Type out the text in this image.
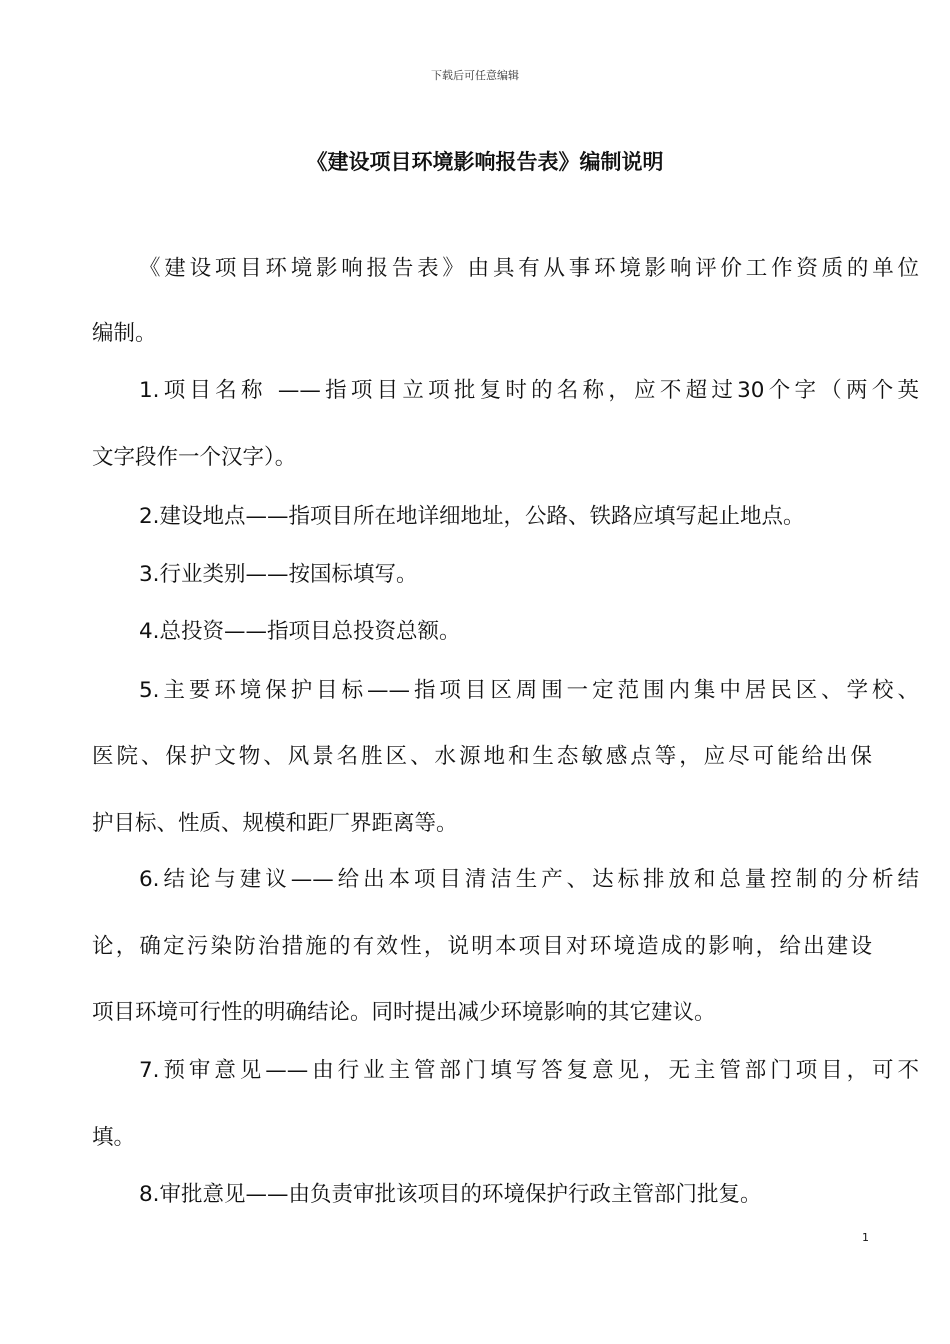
下载后可任意编辑
《建设项目环境影响报告表》编制说明
《建设项目环境影响报告表》由具有从事环境影响评价工作资质的单位
编制。
1.项目名称 ——指项目立项批复时的名称，应不超过30个字（两个英
文字段作一个汉字）。
2.建设地点——指项目所在地详细地址，公路、铁路应填写起止地点。
3.行业类别——按国标填写。
4.总投资——指项目总投资总额。
5.主要环境保护目标——指项目区周围一定范围内集中居民区、学校、
医院、保护文物、风景名胜区、水源地和生态敏感点等，应尽可能给出保
护目标、性质、规模和距厂界距离等。
6.结论与建议——给出本项目清洁生产、达标排放和总量控制的分析结
论，确定污染防治措施的有效性，说明本项目对环境造成的影响，给出建设
项目环境可行性的明确结论。同时提出减少环境影响的其它建议。
7.预审意见——由行业主管部门填写答复意见，无主管部门项目，可不
填。
8.审批意见——由负责审批该项目的环境保护行政主管部门批复。
1
